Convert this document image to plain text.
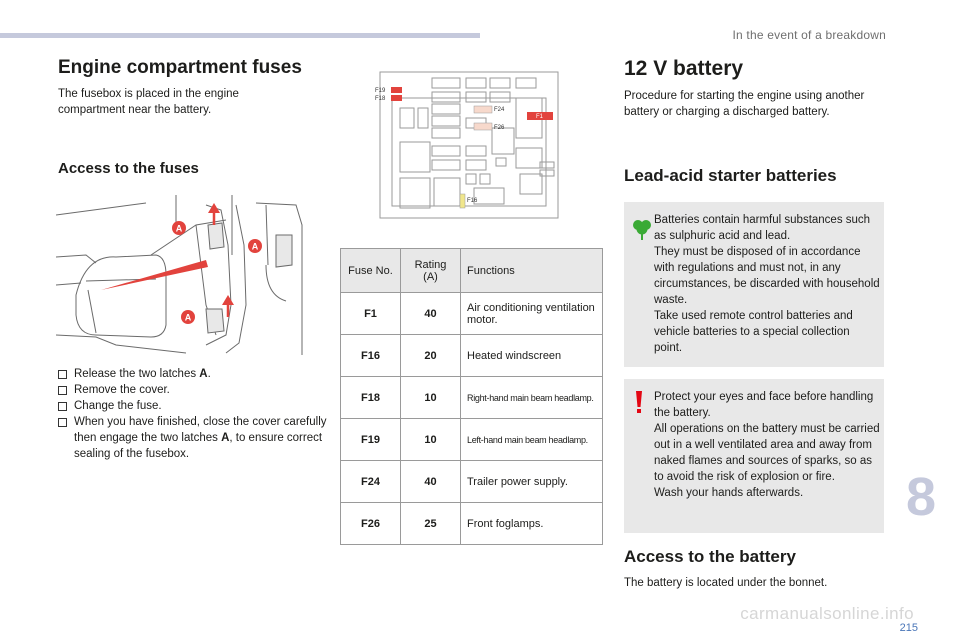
In the event of a breakdown
Engine compartment fuses
The fusebox is placed in the engine compartment near the battery.
Access to the fuses
A
A
A
Release the two latches A.
Remove the cover.
Change the fuse.
When you have finished, close the cover carefully then engage the two latches A, to ensure correct sealing of the fusebox.
F19
F18
F24
F26
F1
F16
Fuse No.	Rating (A)	Functions
F1	40	Air conditioning ventilation motor.
F16	20	Heated windscreen
F18	10	Right-hand main beam headlamp.
F19	10	Left-hand main beam headlamp.
F24	40	Trailer power supply.
F26	25	Front foglamps.
12 V battery
Procedure for starting the engine using another battery or charging a discharged battery.
Lead-acid starter batteries
Batteries contain harmful substances such as sulphuric acid and lead.
They must be disposed of in accordance with regulations and must not, in any circumstances, be discarded with household waste.
Take used remote control batteries and vehicle batteries to a special collection point.
Protect your eyes and face before handling the battery.
All operations on the battery must be carried out in a well ventilated area and away from naked flames and sources of sparks, so as to avoid the risk of explosion or fire.
Wash your hands afterwards.
Access to the battery
The battery is located under the bonnet.
8
carmanualsonline.info
215
